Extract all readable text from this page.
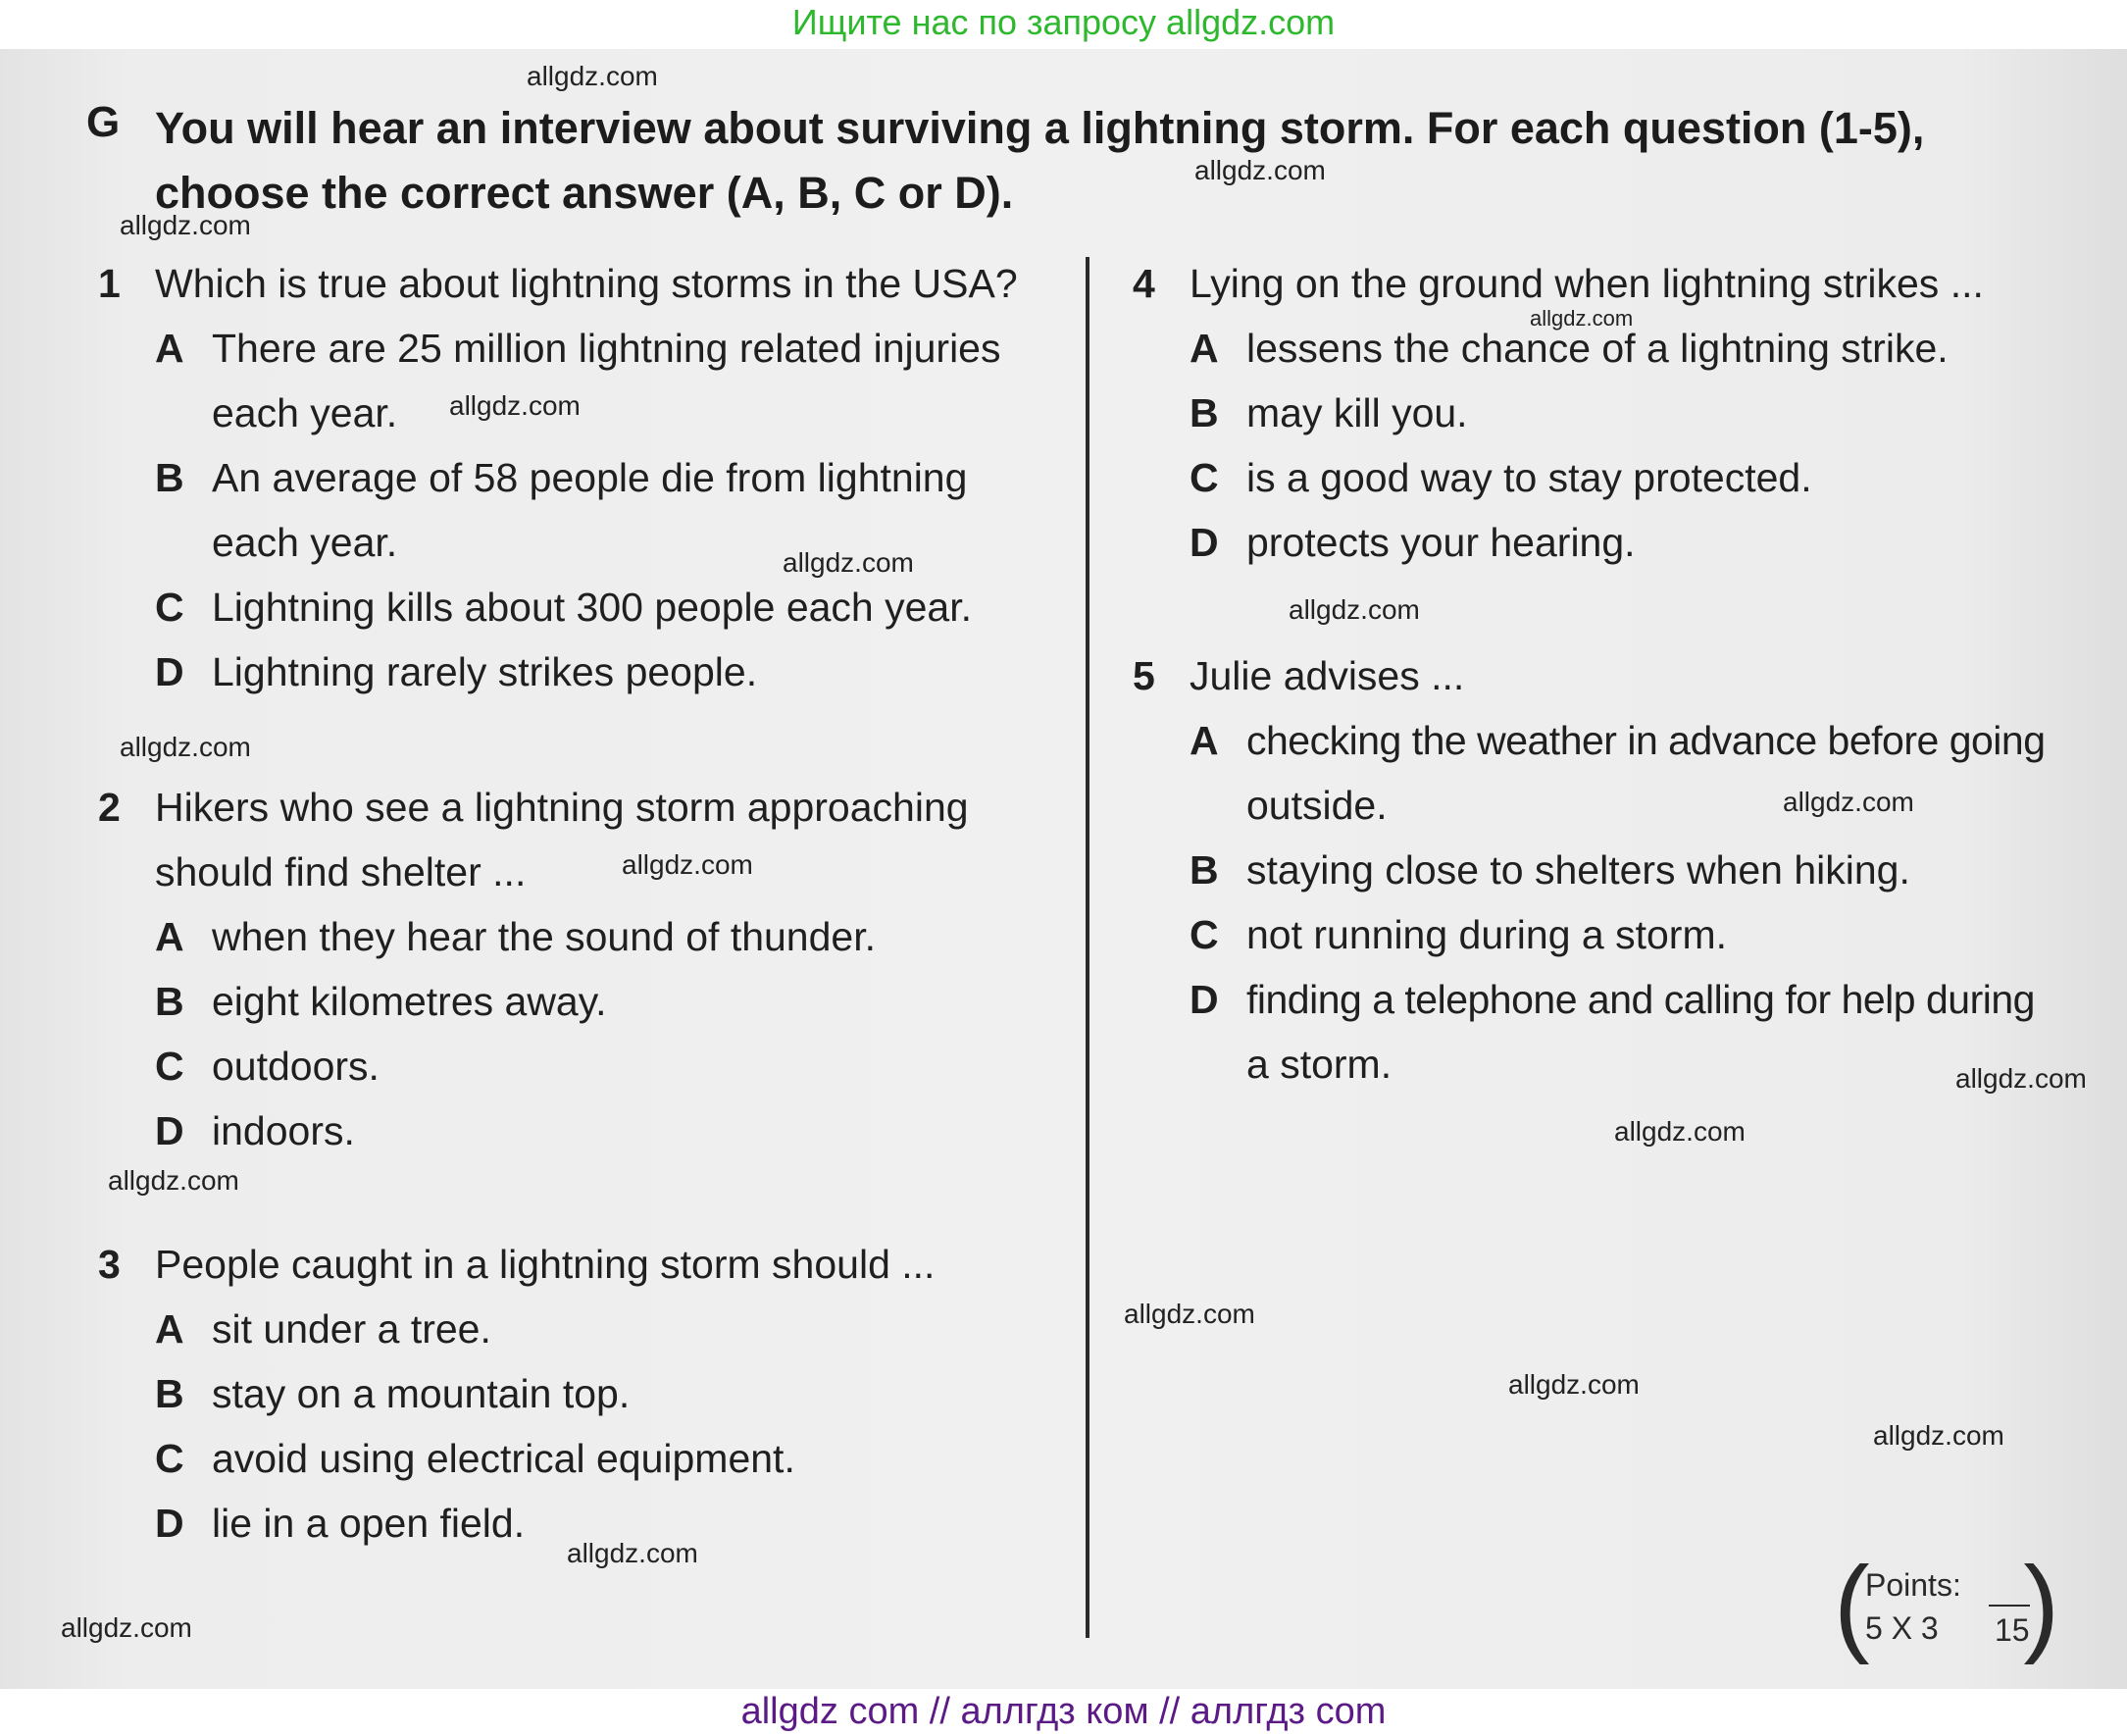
Ищите нас по запросу allgdz.com
G You will hear an interview about surviving a lightning storm. For each question (1-5),
choose the correct answer (A, B, C or D).
1 Which is true about lightning storms in the USA?
A There are 25 million lightning related injuries
each year.
B An average of 58 people die from lightning
each year.
C Lightning kills about 300 people each year.
D Lightning rarely strikes people.
2 Hikers who see a lightning storm approaching
should find shelter ...
A when they hear the sound of thunder.
B eight kilometres away.
C outdoors.
D indoors.
3 People caught in a lightning storm should ...
A sit under a tree.
B stay on a mountain top.
C avoid using electrical equipment.
D lie in a open field.
4 Lying on the ground when lightning strikes ...
A lessens the chance of a lightning strike.
B may kill you.
C is a good way to stay protected.
D protects your hearing.
5 Julie advises ...
A checking the weather in advance before going
outside.
B staying close to shelters when hiking.
C not running during a storm.
D finding a telephone and calling for help during
a storm.
(
Points:
5 X 3 15
)
allgdz.com
allgdz.com
allgdz.com
allgdz.com
allgdz.com
allgdz.com
allgdz.com
allgdz.com
allgdz.com
allgdz.com
allgdz.com
allgdz.com
allgdz.com
allgdz.com
allgdz.com
allgdz.com
allgdz.com
allgdz.com
allgdz com // аллгдз ком // аллгдз com
